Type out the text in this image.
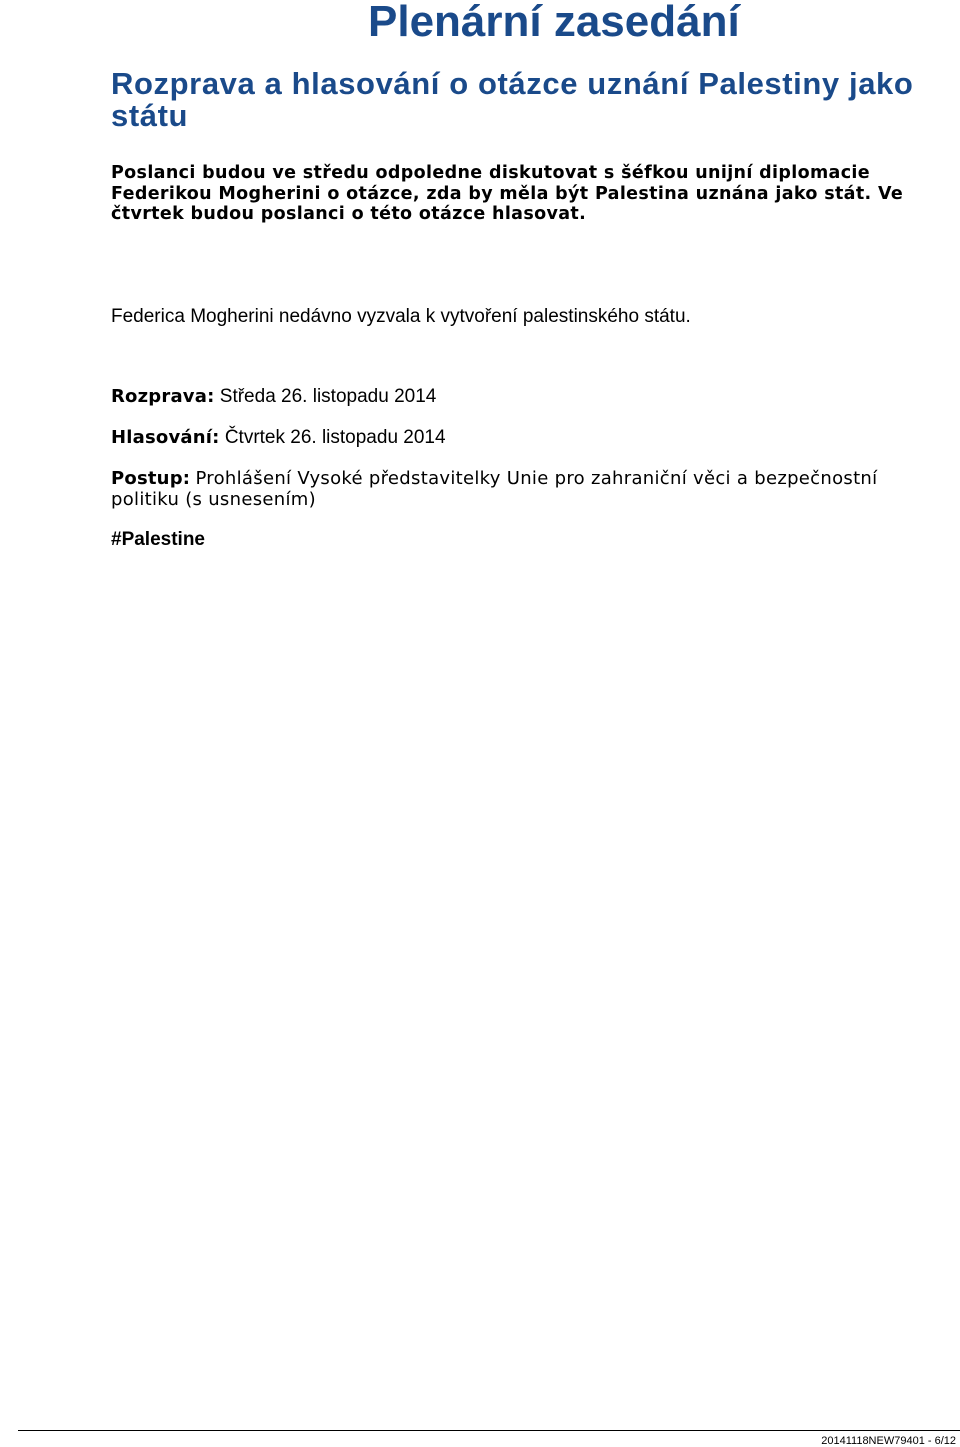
Plenární zasedání
Rozprava a hlasování o otázce uznání Palestiny jako státu

Poslanci budou ve středu odpoledne diskutovat s šéfkou unijní diplomacie Federikou Mogherini o otázce, zda by měla být Palestina uznána jako stát. Ve čtvrtek budou poslanci o této otázce hlasovat.

Federica Mogherini nedávno vyzvala k vytvoření palestinského státu.

Rozprava: Středa 26. listopadu 2014

Hlasování: Čtvrtek 26. listopadu 2014

Postup: Prohlášení Vysoké představitelky Unie pro zahraniční věci a bezpečnostní politiku (s usnesením)

#Palestine

20141118NEW79401 - 6/12
